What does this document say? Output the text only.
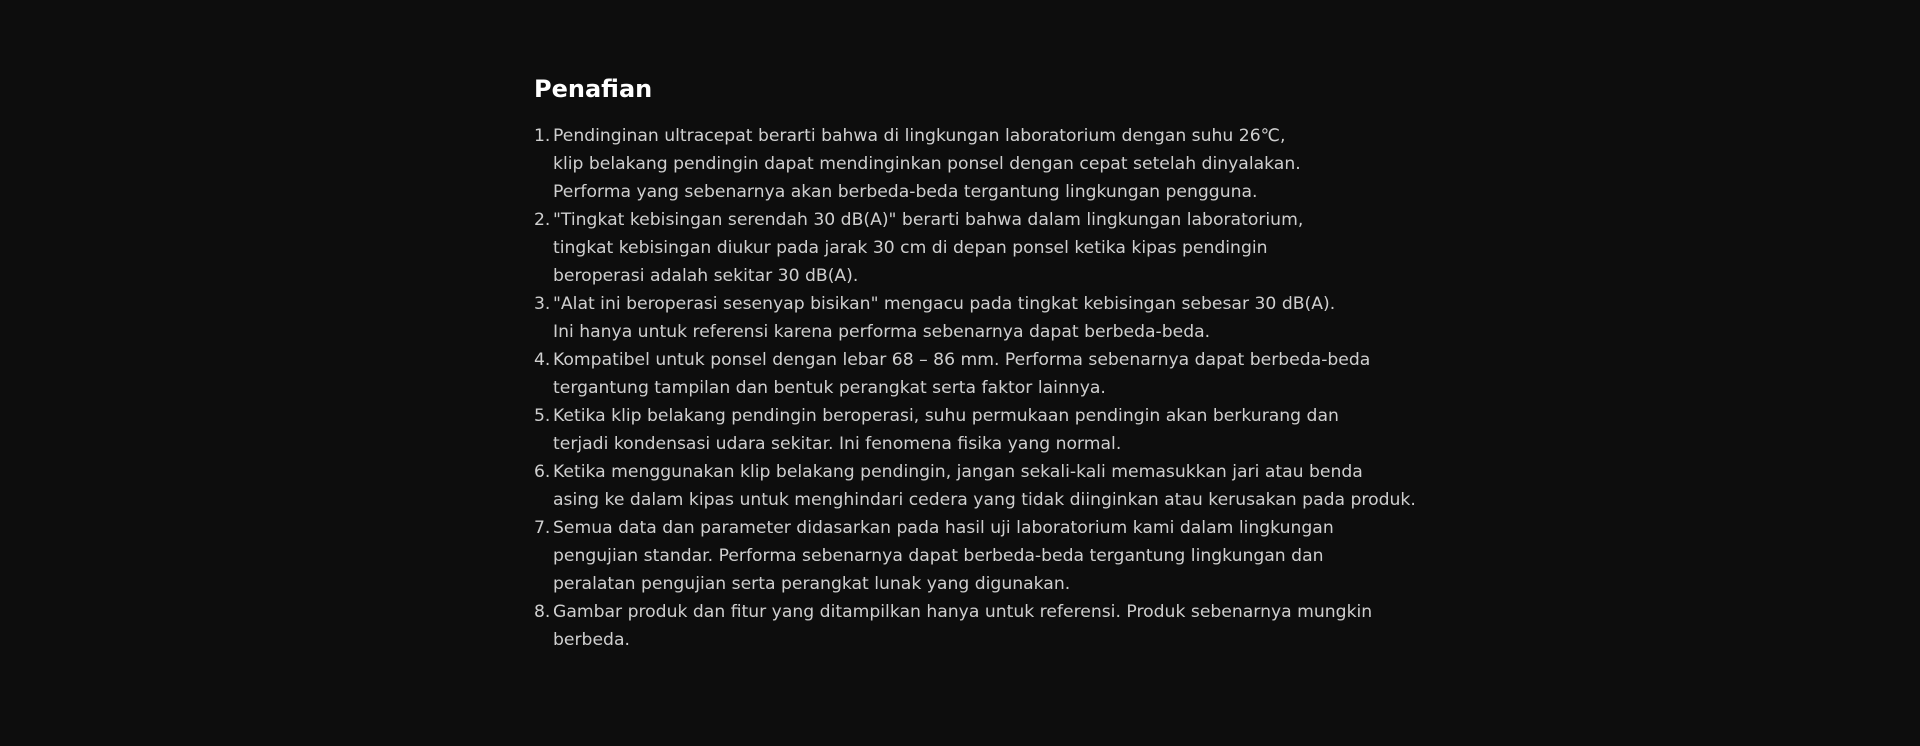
Penafian
1. Pendinginan ultracepat berarti bahwa di lingkungan laboratorium dengan suhu 26℃,
klip belakang pendingin dapat mendinginkan ponsel dengan cepat setelah dinyalakan.
Performa yang sebenarnya akan berbeda-beda tergantung lingkungan pengguna.
2. "Tingkat kebisingan serendah 30 dB(A)" berarti bahwa dalam lingkungan laboratorium,
tingkat kebisingan diukur pada jarak 30 cm di depan ponsel ketika kipas pendingin
beroperasi adalah sekitar 30 dB(A).
3. "Alat ini beroperasi sesenyap bisikan" mengacu pada tingkat kebisingan sebesar 30 dB(A).
Ini hanya untuk referensi karena performa sebenarnya dapat berbeda-beda.
4. Kompatibel untuk ponsel dengan lebar 68 – 86 mm. Performa sebenarnya dapat berbeda-beda
tergantung tampilan dan bentuk perangkat serta faktor lainnya.
5. Ketika klip belakang pendingin beroperasi, suhu permukaan pendingin akan berkurang dan
terjadi kondensasi udara sekitar. Ini fenomena fisika yang normal.
6. Ketika menggunakan klip belakang pendingin, jangan sekali-kali memasukkan jari atau benda
asing ke dalam kipas untuk menghindari cedera yang tidak diinginkan atau kerusakan pada produk.
7. Semua data dan parameter didasarkan pada hasil uji laboratorium kami dalam lingkungan
pengujian standar. Performa sebenarnya dapat berbeda-beda tergantung lingkungan dan
peralatan pengujian serta perangkat lunak yang digunakan.
8. Gambar produk dan fitur yang ditampilkan hanya untuk referensi. Produk sebenarnya mungkin
berbeda.
